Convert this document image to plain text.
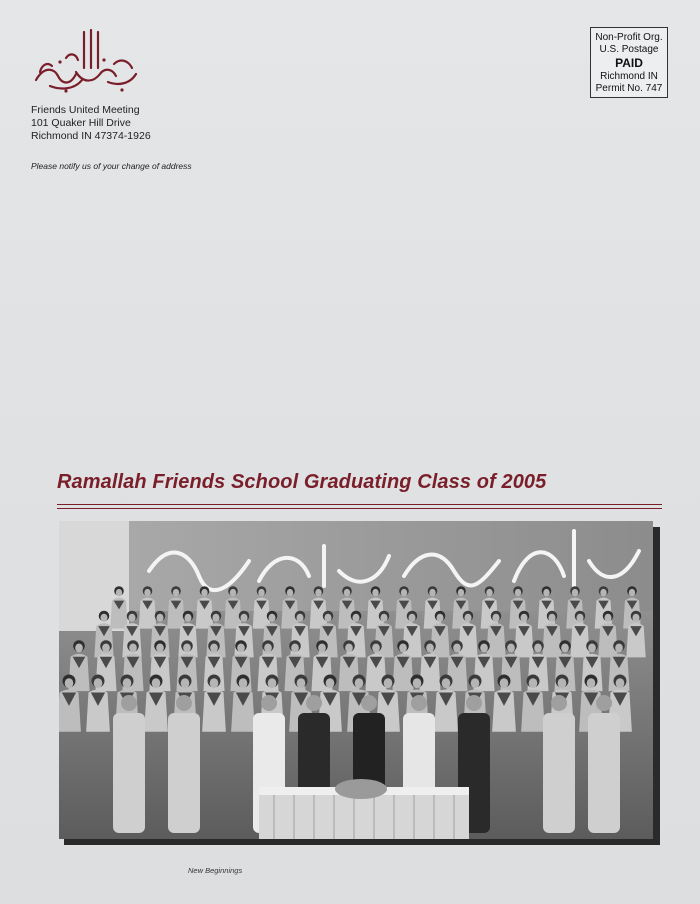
Friends United Meeting
101 Quaker Hill Drive
Richmond IN 47374-1926
Please notify us of your change of address
Non-Profit Org.
U.S. Postage
PAID
Richmond IN
Permit No. 747
Ramallah Friends School Graduating Class of 2005
New Beginnings
